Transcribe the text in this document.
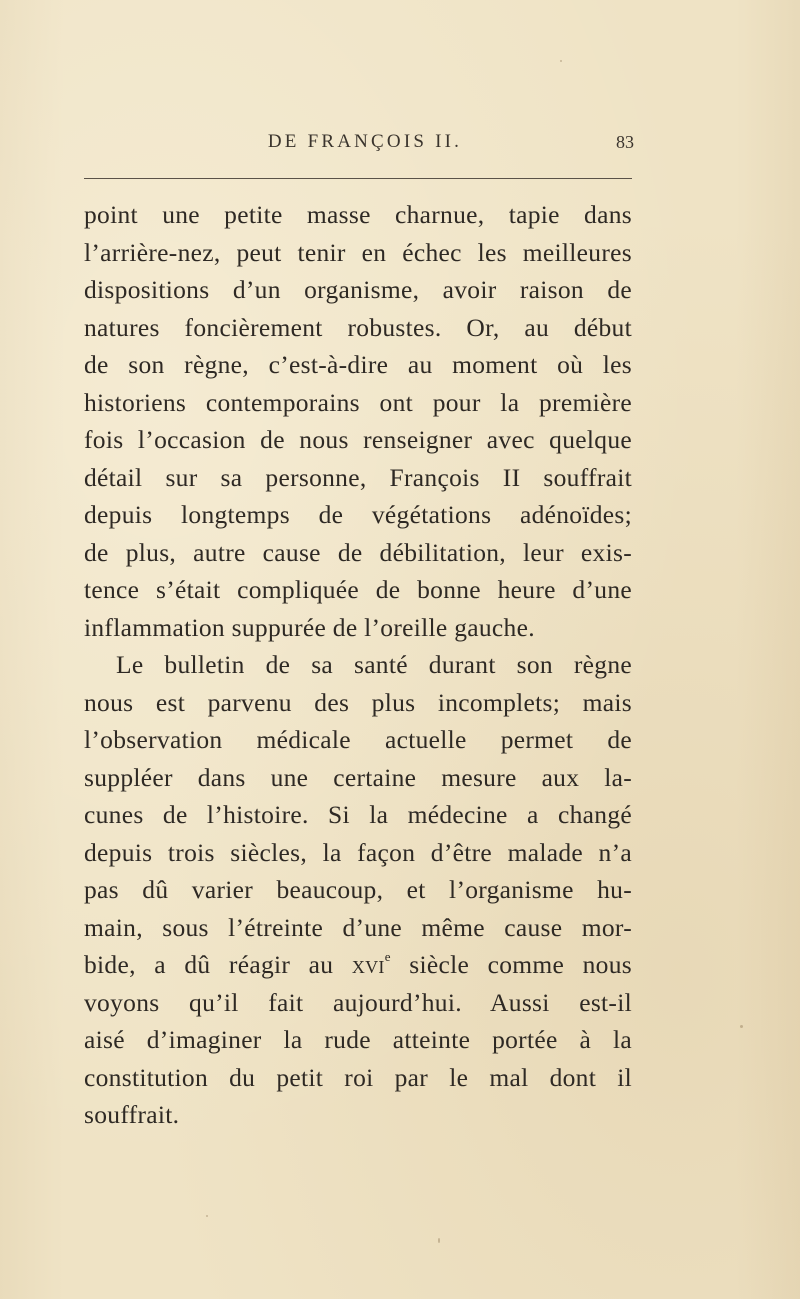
DE FRANÇOIS II.	83
point une petite masse charnue, tapie dans
l’arrière-nez, peut tenir en échec les meilleures
dispositions d’un organisme, avoir raison de
natures foncièrement robustes. Or, au début
de son règne, c’est-à-dire au moment où les
historiens contemporains ont pour la première
fois l’occasion de nous renseigner avec quelque
détail sur sa personne, François II souffrait
depuis longtemps de végétations adénoïdes;
de plus, autre cause de débilitation, leur exis-
tence s’était compliquée de bonne heure d’une
inflammation suppurée de l’oreille gauche.
Le bulletin de sa santé durant son règne
nous est parvenu des plus incomplets; mais
l’observation médicale actuelle permet de
suppléer dans une certaine mesure aux la-
cunes de l’histoire. Si la médecine a changé
depuis trois siècles, la façon d’être malade n’a
pas dû varier beaucoup, et l’organisme hu-
main, sous l’étreinte d’une même cause mor-
bide, a dû réagir au xvi$^e$ siècle comme nous
voyons qu’il fait aujourd’hui. Aussi est-il
aisé d’imaginer la rude atteinte portée à la
constitution du petit roi par le mal dont il
souffrait.
